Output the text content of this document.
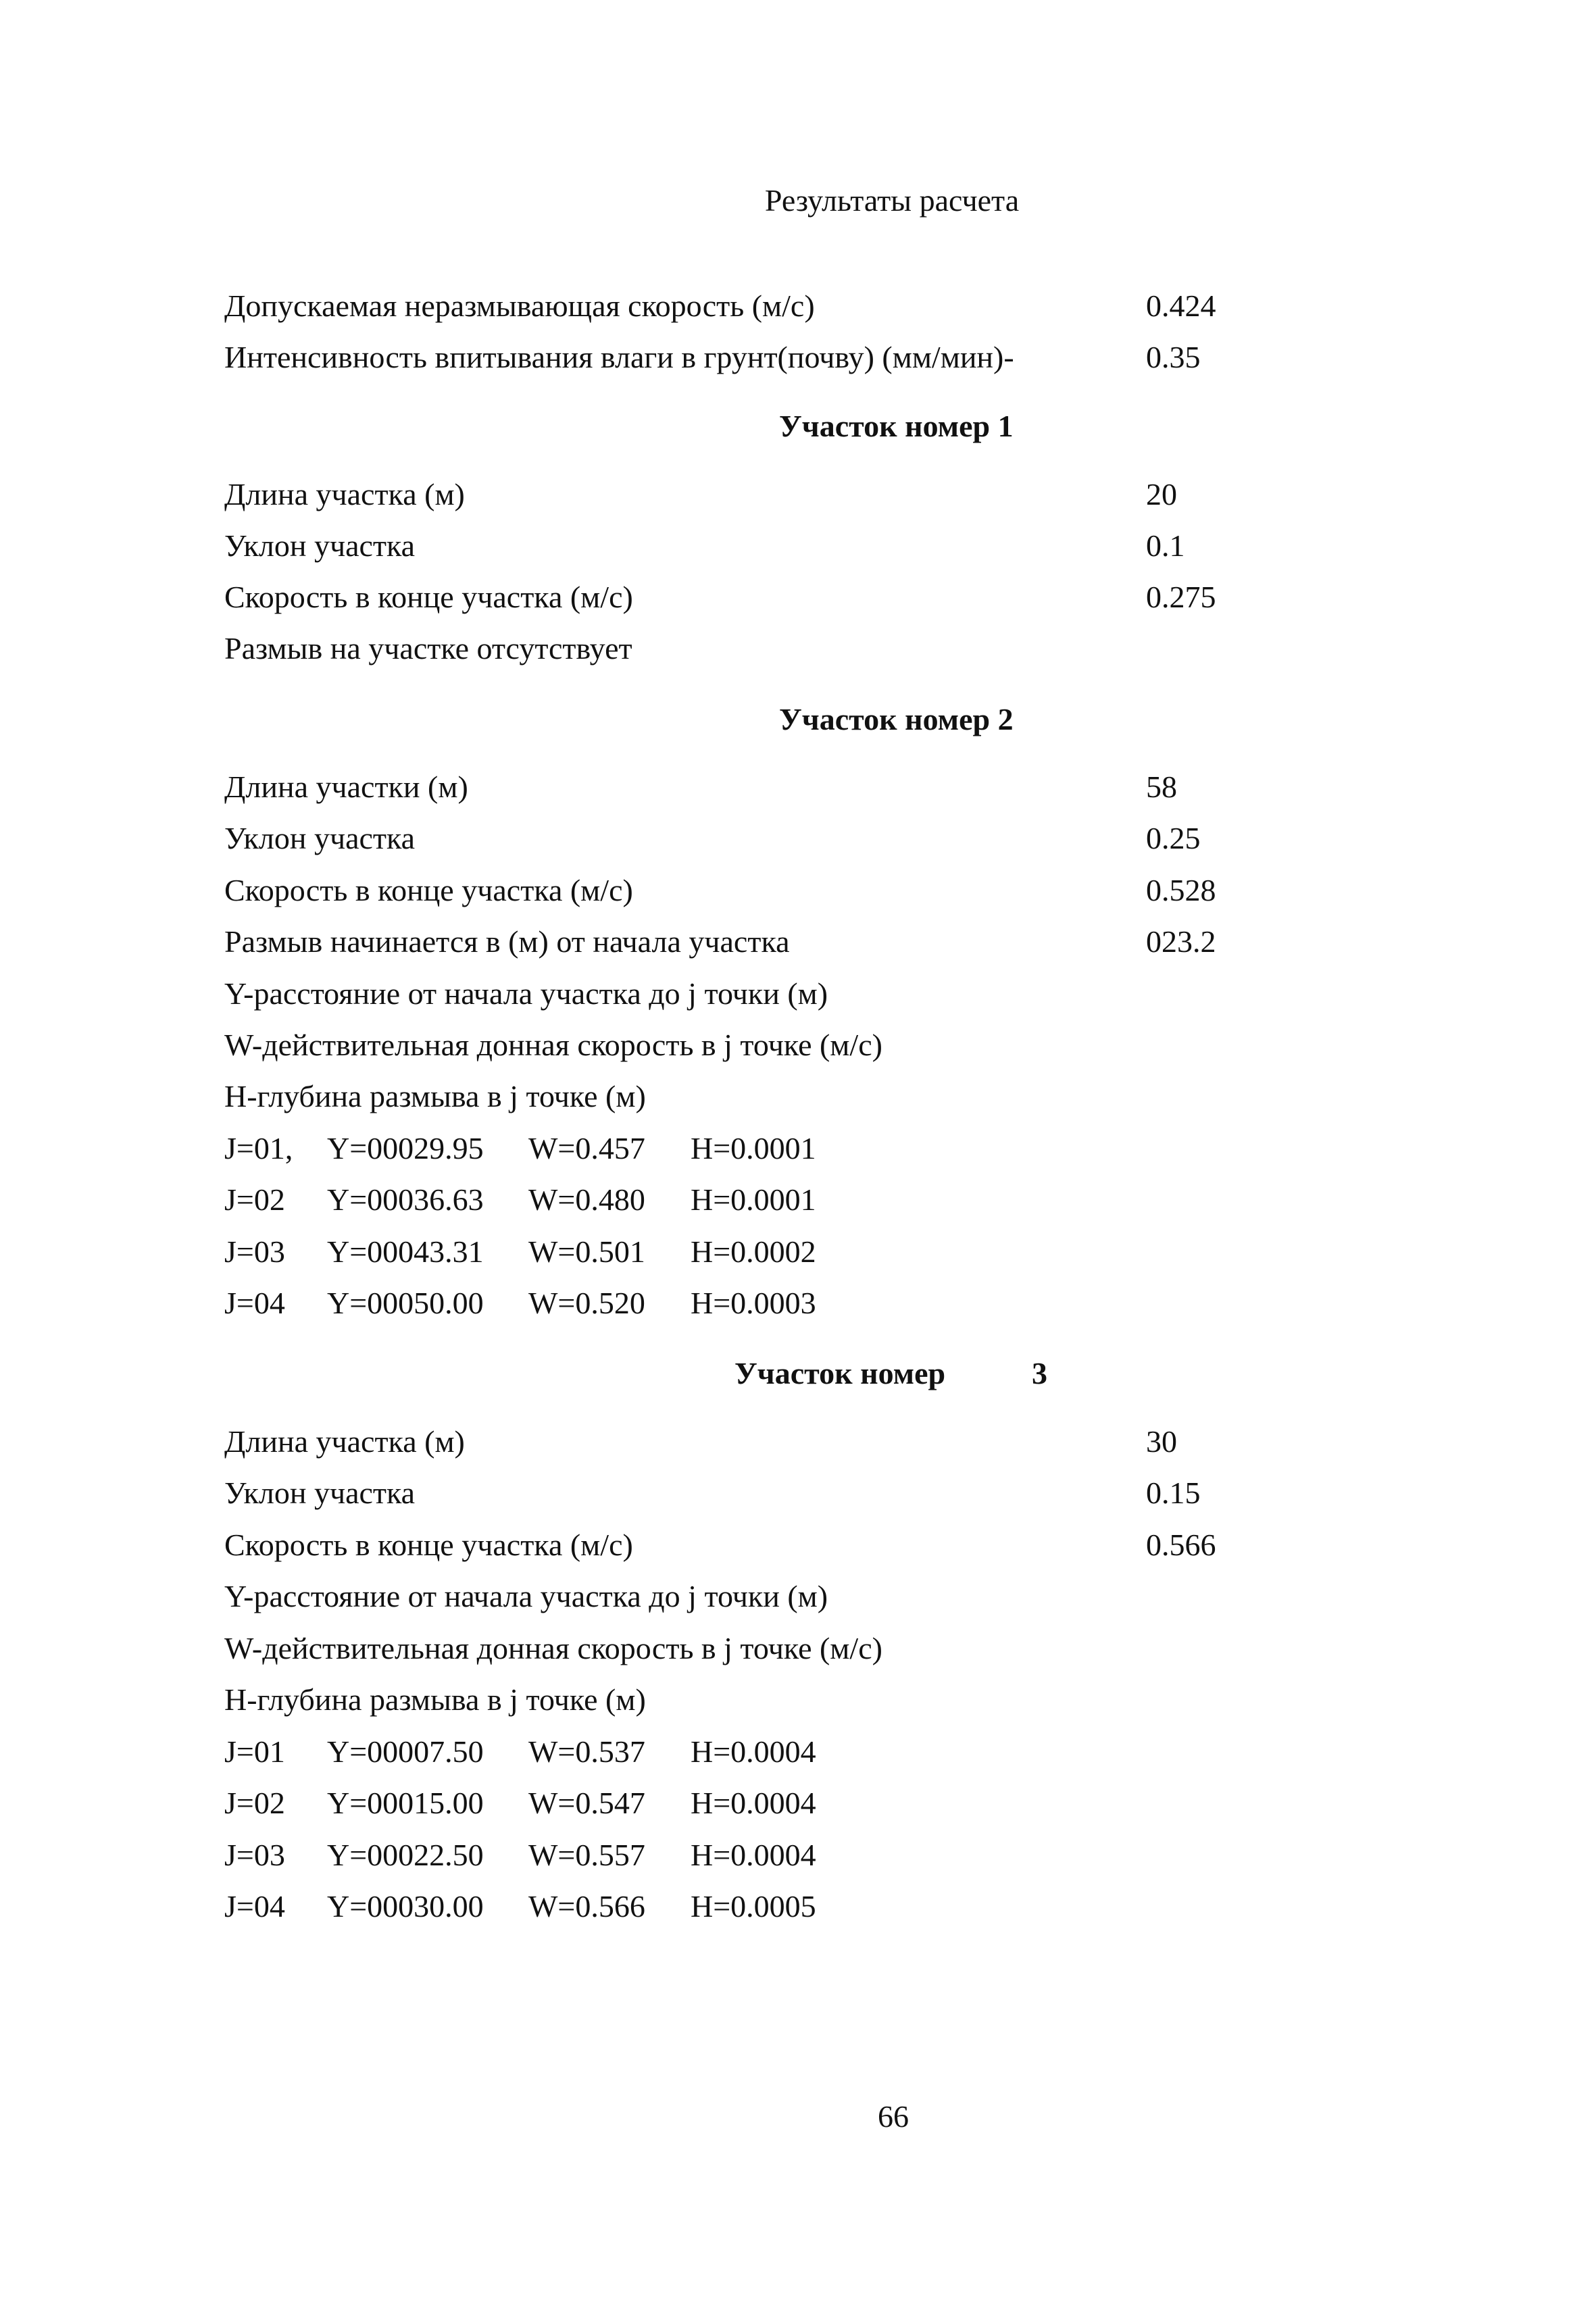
Результаты расчета
Допускаемая неразмывающая скорость (м/с)	0.424
Интенсивность впитывания влаги в грунт(почву) (мм/мин)-	0.35
Участок номер 1
Длина участка (м)	20
Уклон участка	0.1
Скорость в конце участка (м/с)	0.275
Размыв на участке отсутствует
Участок номер 2
Длина участки (м)	58
Уклон участка	0.25
Скорость в конце участка (м/с)	0.528
Размыв начинается в (м) от начала участка	023.2
Y-расстояние от начала участка до j точки (м)
W-действительная донная скорость в j точке (м/с)
H-глубина размыва в j точке (м)
J=01, Y=00029.95 W=0.457 H=0.0001
J=02 Y=00036.63 W=0.480 H=0.0001
J=03 Y=00043.31 W=0.501 H=0.0002
J=04 Y=00050.00 W=0.520 H=0.0003
Участок номер	3
Длина участка (м)	30
Уклон участка	0.15
Скорость в конце участка (м/с)	0.566
Y-расстояние от начала участка до j точки (м)
W-действительная донная скорость в j точке (м/с)
H-глубина размыва в j точке (м)
J=01 Y=00007.50 W=0.537 H=0.0004
J=02 Y=00015.00 W=0.547 H=0.0004
J=03 Y=00022.50 W=0.557 H=0.0004
J=04 Y=00030.00 W=0.566 H=0.0005
66
